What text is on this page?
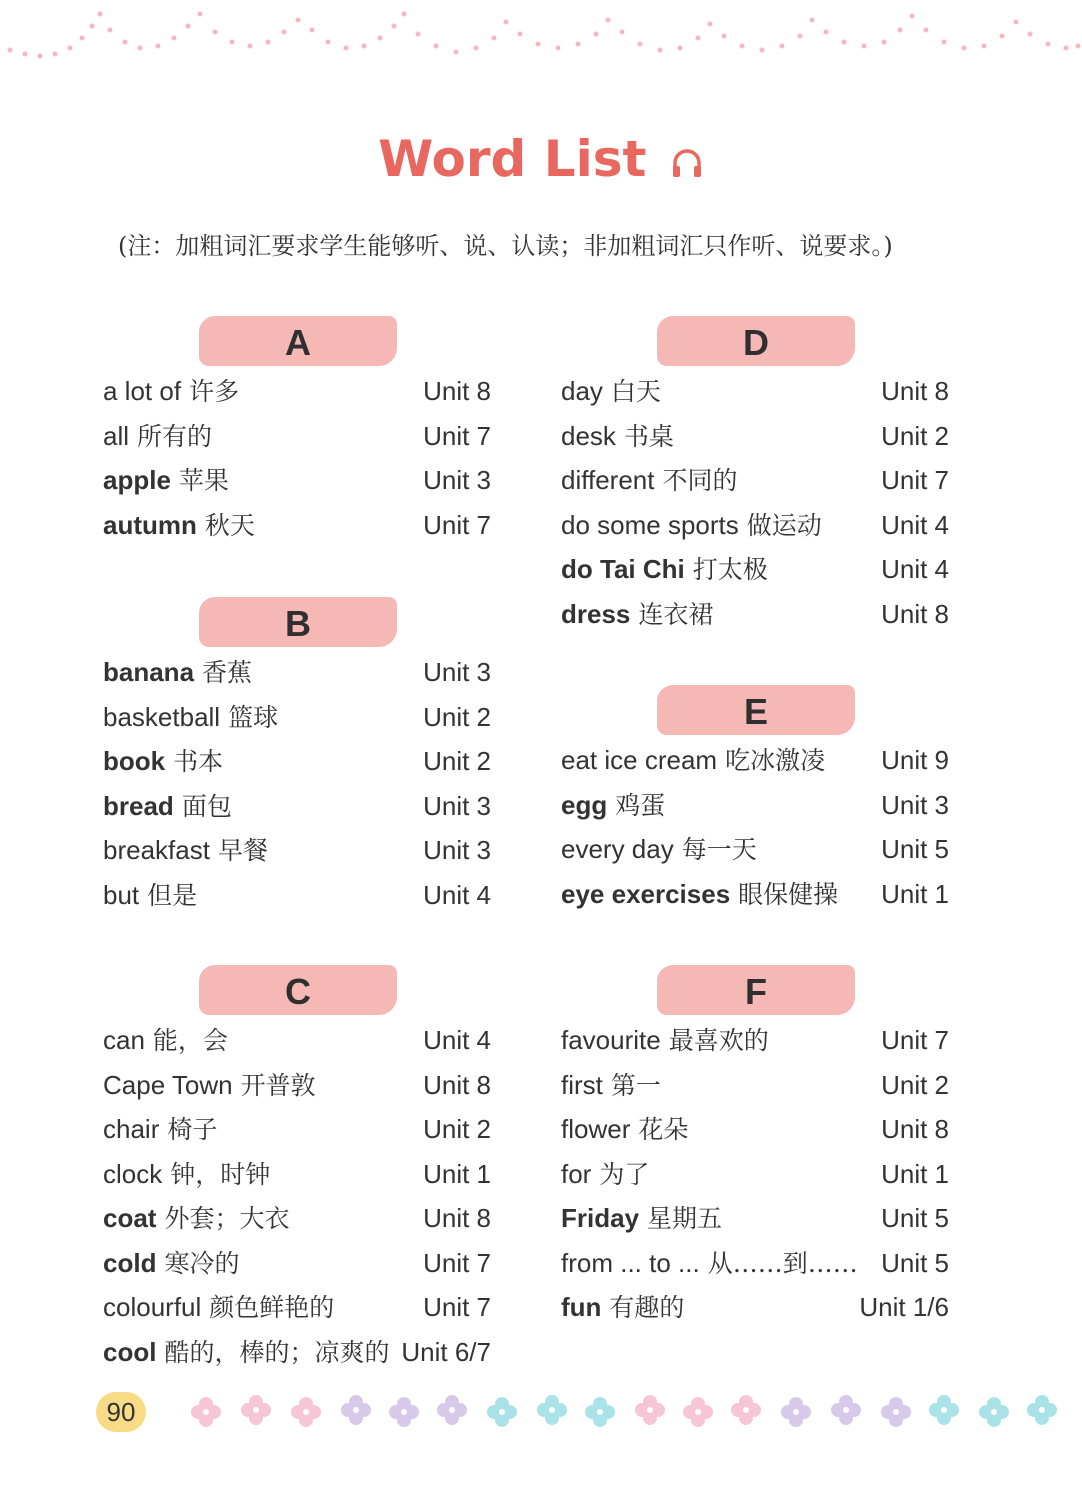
Word List
(注：加粗词汇要求学生能够听、说、认读；非加粗词汇只作听、说要求。)
A
a lot of 许多	Unit 8
all 所有的	Unit 7
apple 苹果	Unit 3
autumn 秋天	Unit 7
B
banana 香蕉	Unit 3
basketball 篮球	Unit 2
book 书本	Unit 2
bread 面包	Unit 3
breakfast 早餐	Unit 3
but 但是	Unit 4
C
can 能，会	Unit 4
Cape Town 开普敦	Unit 8
chair 椅子	Unit 2
clock 钟，时钟	Unit 1
coat 外套；大衣	Unit 8
cold 寒冷的	Unit 7
colourful 颜色鲜艳的	Unit 7
cool 酷的，棒的；凉爽的 Unit 6/7
D
day 白天	Unit 8
desk 书桌	Unit 2
different 不同的	Unit 7
do some sports 做运动 Unit 4
do Tai Chi 打太极	Unit 4
dress 连衣裙	Unit 8
E
eat ice cream 吃冰激凌 Unit 9
egg 鸡蛋	Unit 3
every day 每一天	Unit 5
eye exercises 眼保健操 Unit 1
F
favourite 最喜欢的	Unit 7
first 第一	Unit 2
flower 花朵	Unit 8
for 为了	Unit 1
Friday 星期五	Unit 5
from ... to ... 从……到…… Unit 5
fun 有趣的	Unit 1/6
90
